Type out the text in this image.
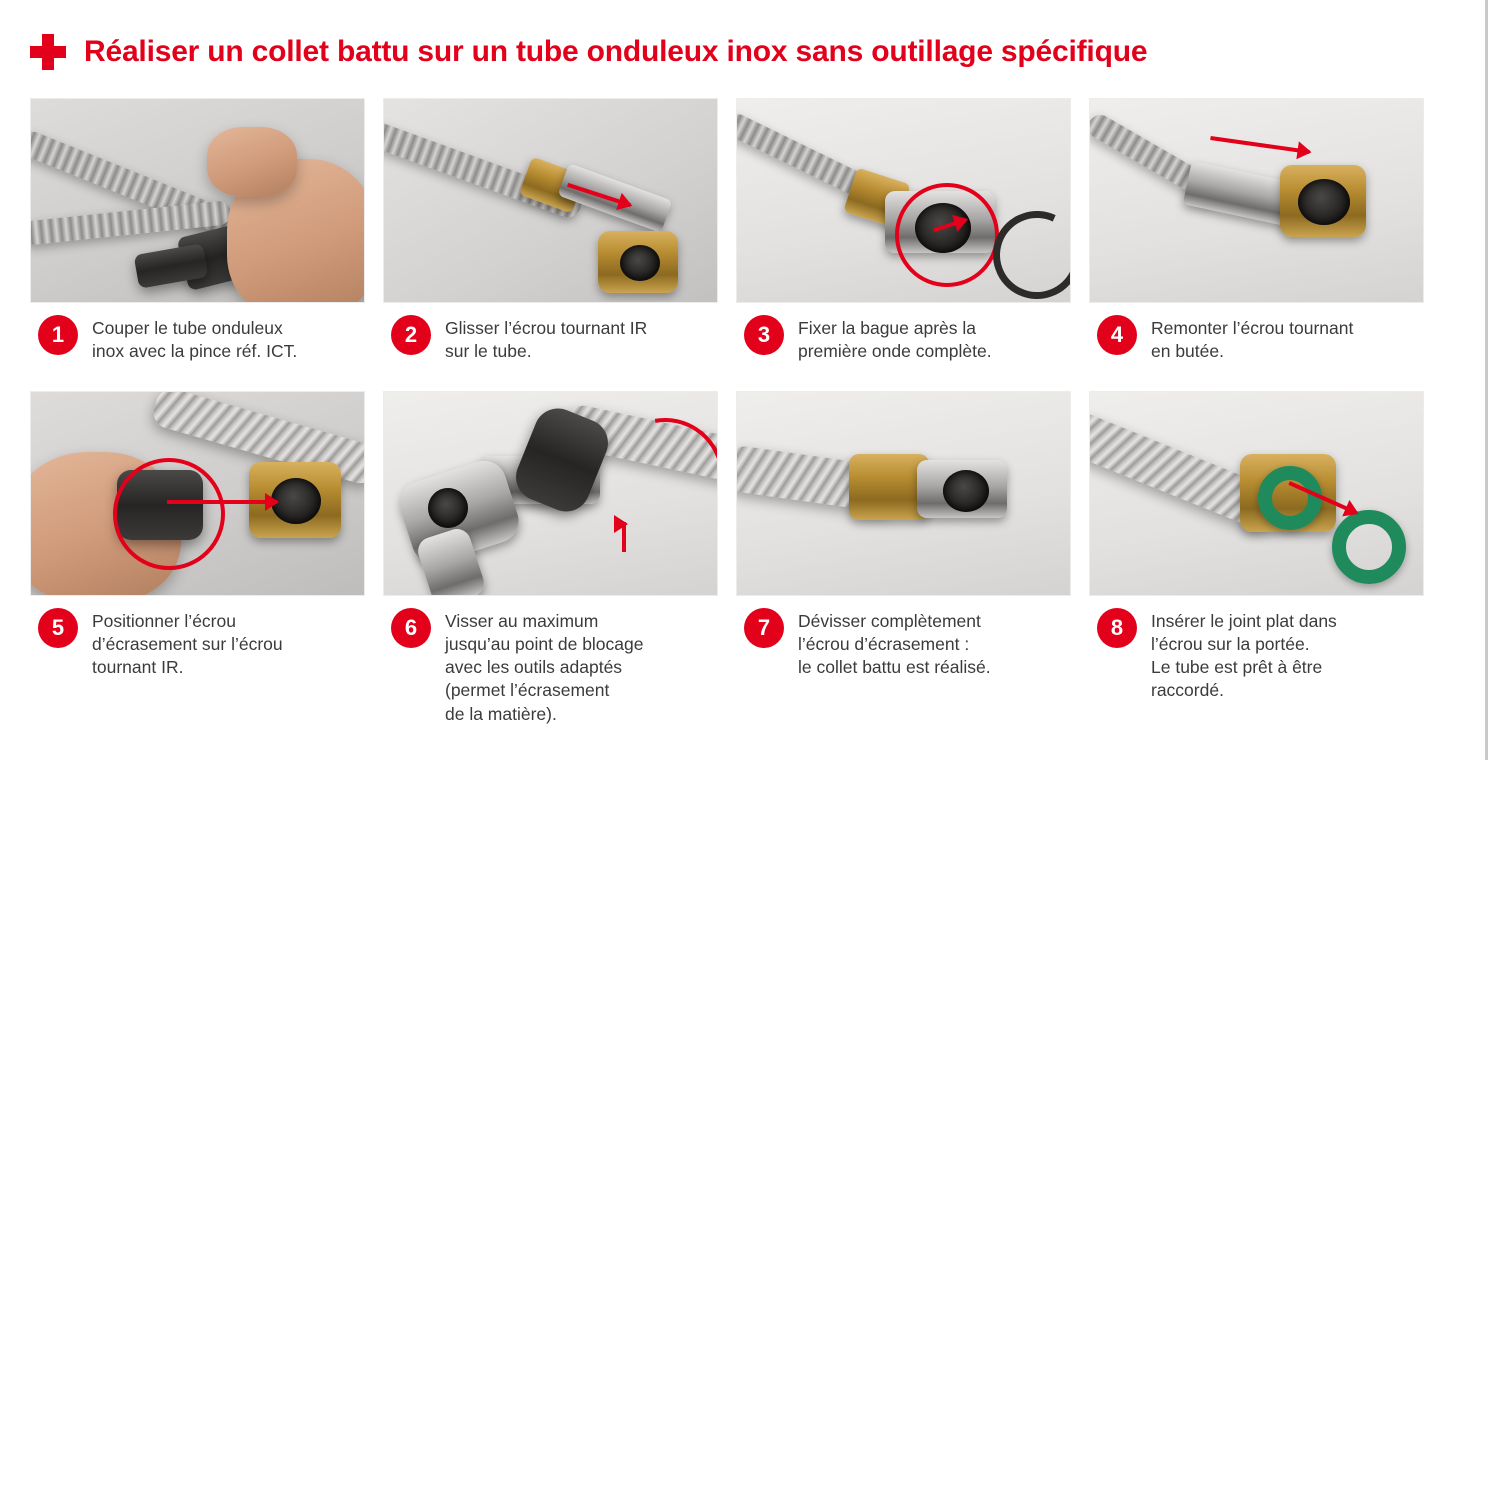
Réaliser un collet battu sur un tube onduleux inox sans outillage spécifique
1	Couper le tube onduleux
inox avec la pince réf. ICT.
2	Glisser l’écrou tournant IR
sur le tube.
3	Fixer la bague après la
première onde complète.
4	Remonter l’écrou tournant
en butée.
5	Positionner l’écrou
d’écrasement sur l’écrou
tournant IR.
6	Visser au maximum
jusqu’au point de blocage
avec les outils adaptés
(permet l’écrasement
de la matière).
7	Dévisser complètement
l’écrou d’écrasement :
le collet battu est réalisé.
8	Insérer le joint plat dans
l’écrou sur la portée.
Le tube est prêt à être
raccordé.
